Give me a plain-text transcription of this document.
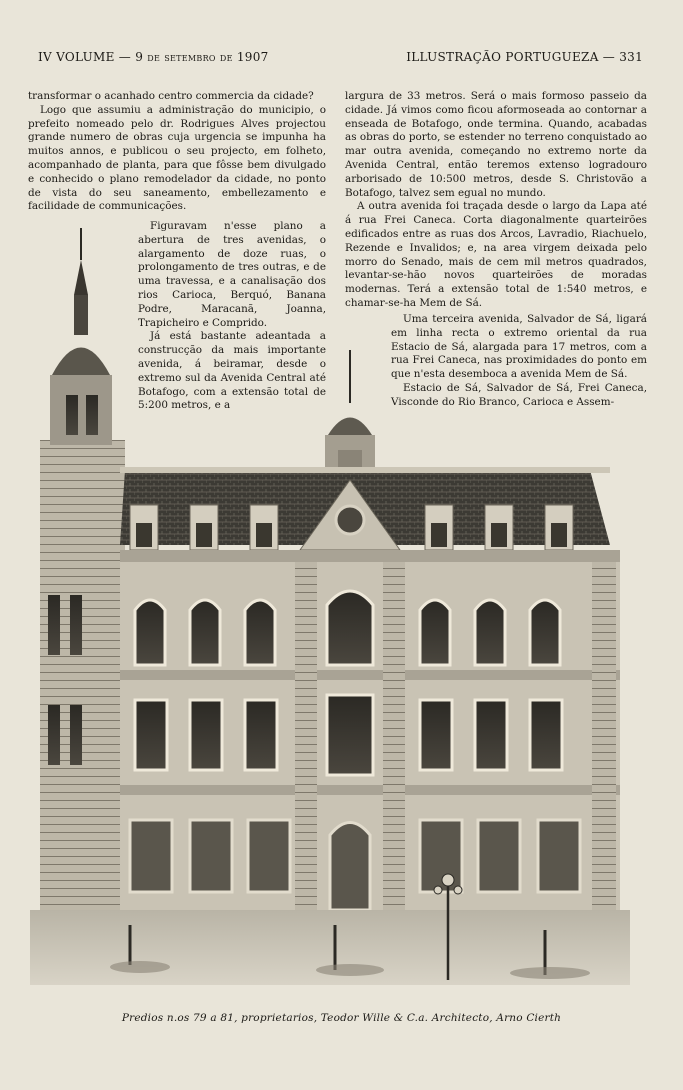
IV VOLUME — 9 de setembro de 1907	ILLUSTRAÇÃO PORTUGUEZA — 331

transformar o acanhado centro commercia da cidade?

Logo que assumiu a administração do municipio, o prefeito nomeado pelo dr. Rodrigues Alves projectou grande numero de obras cuja urgencia se impunha ha muitos annos, e publicou o seu projecto, em folheto, acompanhado de planta, para que fôsse bem divulgado e conhecido o plano remodelador da cidade, no ponto de vista do seu saneamento, embellezamento e facilidade de communicações.

Figuravam n'esse plano a abertura de tres avenidas, o alargamento de doze ruas, o prolongamento de tres outras, e de uma travessa, e a canalisação dos rios Carioca, Berquó, Banana Podre, Maracanã, Joanna, Trapicheiro e Comprido.

Já está bastante adeantada a construcção da mais importante avenida, á beiramar, desde o extremo sul da Avenida Central até Botafogo, com a extensão total de 5:200 metros, e a

largura de 33 metros. Será o mais formoso passeio da cidade. Já vimos como ficou aformoseada ao contornar a enseada de Botafogo, onde termina. Quando, acabadas as obras do porto, se estender no terreno conquistado ao mar outra avenida, começando no extremo norte da Avenida Central, então teremos extenso logradouro arborisado de 10:500 metros, desde S. Christovão a Botafogo, talvez sem egual no mundo.

A outra avenida foi traçada desde o largo da Lapa até á rua Frei Caneca. Corta diagonalmente quarteirões edificados entre as ruas dos Arcos, Lavradio, Riachuelo, Rezende e Invalidos; e, na area virgem deixada pelo morro do Senado, mais de cem mil metros quadrados, levantar-se-hão novos quarteirões de moradas modernas. Terá a extensão total de 1:540 metros, e chamar-se-ha Mem de Sá.

Uma terceira avenida, Salvador de Sá, ligará em linha recta o extremo oriental da rua Estacio de Sá, alargada para 17 metros, com a rua Frei Caneca, nas proximidades do ponto em que n'esta desemboca a avenida Mem de Sá.

Estacio de Sá, Salvador de Sá, Frei Caneca, Visconde do Rio Branco, Carioca e Assem-

Predios n.os 79 a 81, proprietarios, Teodor Wille & C.a. Architecto, Arno Cierth
